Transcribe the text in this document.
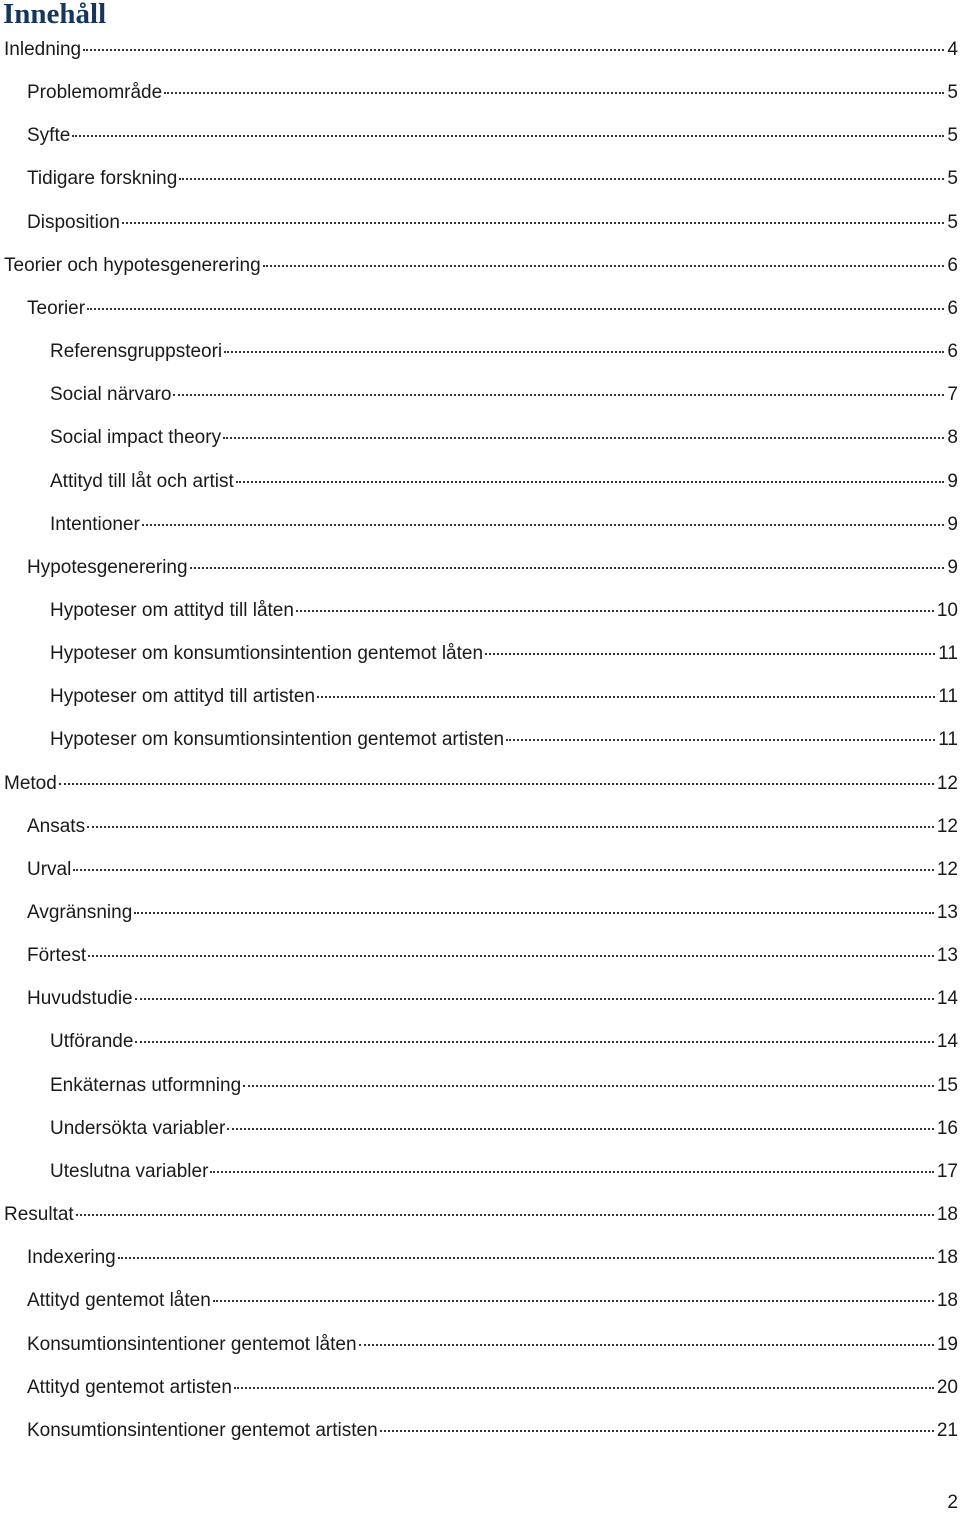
Innehåll
Inledning	4
Problemområde	5
Syfte	5
Tidigare forskning	5
Disposition	5
Teorier och hypotesgenerering	6
Teorier	6
Referensgruppsteori	6
Social närvaro	7
Social impact theory	8
Attityd till låt och artist	9
Intentioner	9
Hypotesgenerering	9
Hypoteser om attityd till låten	10
Hypoteser om konsumtionsintention gentemot låten	11
Hypoteser om attityd till artisten	11
Hypoteser om konsumtionsintention gentemot artisten	11
Metod	12
Ansats	12
Urval	12
Avgränsning	13
Förtest	13
Huvudstudie	14
Utförande	14
Enkäternas utformning	15
Undersökta variabler	16
Uteslutna variabler	17
Resultat	18
Indexering	18
Attityd gentemot låten	18
Konsumtionsintentioner gentemot låten	19
Attityd gentemot artisten	20
Konsumtionsintentioner gentemot artisten	21
2
